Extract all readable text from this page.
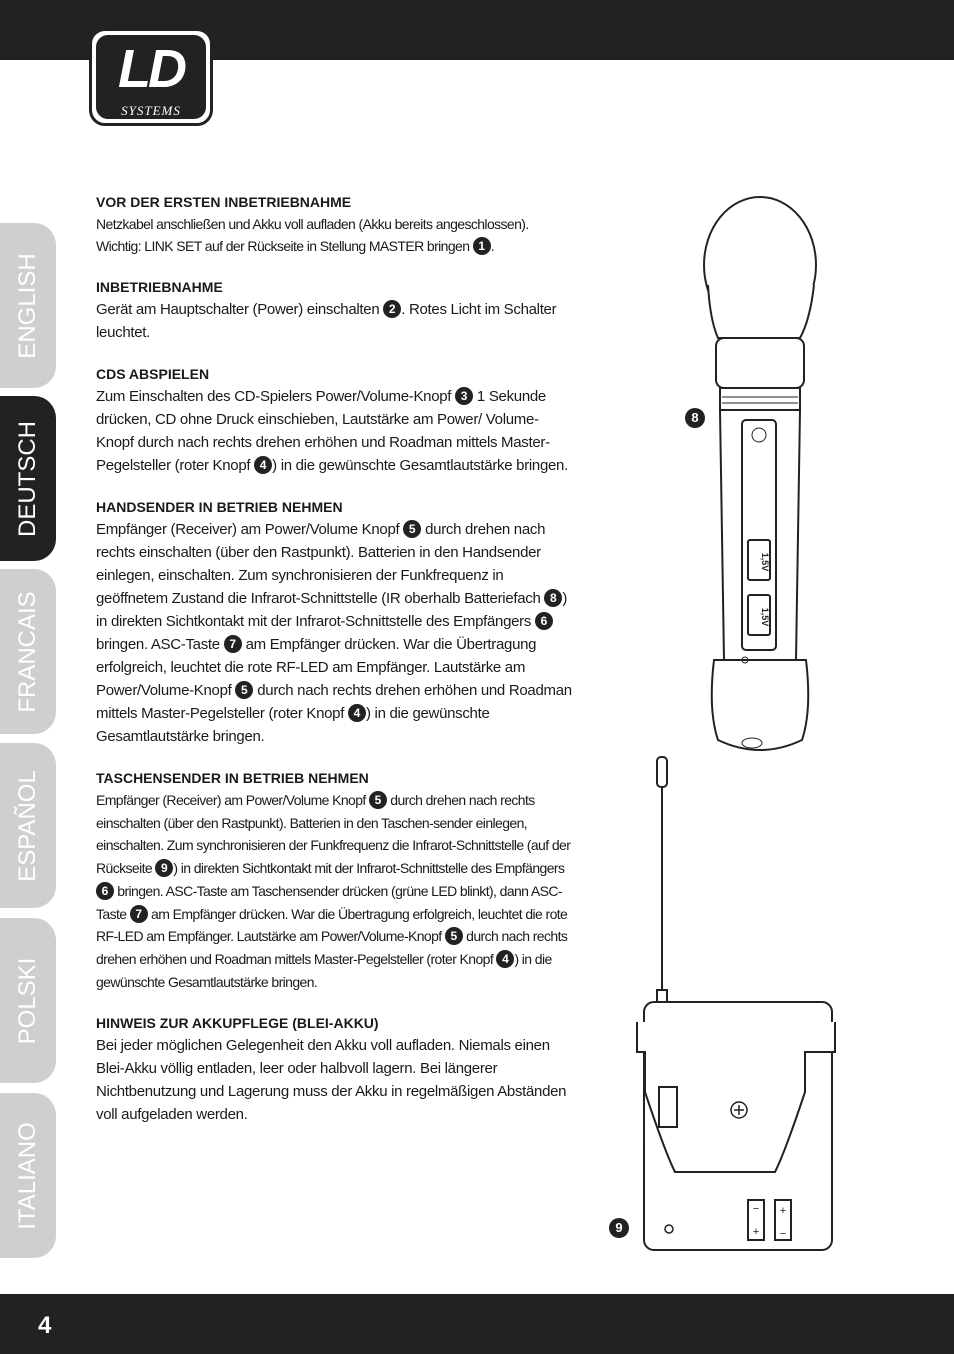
LD
SYSTEMS
ENGLISH
DEUTSCH
FRANCAIS
ESPAÑOL
POLSKI
ITALIANO
VOR DER ERSTEN INBETRIEBNAHME

Netzkabel anschließen und Akku voll aufladen (Akku bereits angeschlossen). Wichtig: LINK SET auf der Rückseite in Stellung MASTER bringen 1 .

INBETRIEBNAHME

Gerät am Hauptschalter (Power) einschalten 2 . Rotes Licht im Schalter leuchtet.

CDS ABSPIELEN

Zum Einschalten des CD-Spielers Power/Volume-Knopf 3 1 Sekunde drücken, CD ohne Druck einschieben, Lautstärke am Power/ Volume-Knopf durch nach rechts drehen erhöhen und Roadman mittels Master-Pegelsteller (roter Knopf 4 ) in die gewünschte Gesamtlautstärke bringen.

HANDSENDER IN BETRIEB NEHMEN

Empfänger (Receiver) am Power/Volume Knopf 5 durch drehen nach rechts einschalten (über den Rastpunkt). Batterien in den Handsender einlegen, einschalten. Zum synchronisieren der Funkfrequenz in geöffnetem Zustand die Infrarot-Schnittstelle (IR oberhalb Batteriefach 8 ) in direkten Sichtkontakt mit der Infrarot-Schnittstelle des Empfängers 6 bringen. ASC-Taste 7 am Empfänger drücken. War die Übertragung erfolgreich, leuchtet die rote RF-LED am Empfänger. Lautstärke am Power/Volume-Knopf 5 durch nach rechts drehen erhöhen und Roadman mittels Master-Pegelsteller (roter Knopf 4 ) in die gewünschte Gesamtlautstärke bringen.

TASCHENSENDER IN BETRIEB NEHMEN

Empfänger (Receiver) am Power/Volume Knopf 5 durch drehen nach rechts einschalten (über den Rastpunkt). Batterien in den Taschen-sender einlegen, einschalten. Zum synchronisieren der Funkfrequenz die Infrarot-Schnittstelle (auf der Rückseite 9 ) in direkten Sichtkontakt mit der Infrarot-Schnittstelle des Empfängers 6 bringen. ASC-Taste am Taschensender drücken (grüne LED blinkt), dann ASC-Taste 7 am Empfänger drücken. War die Übertragung erfolgreich, leuchtet die rote RF-LED am Empfänger. Lautstärke am Power/Volume-Knopf 5 durch nach rechts drehen erhöhen und Roadman mittels Master-Pegelsteller (roter Knopf 4 ) in die gewünschte Gesamtlautstärke bringen.

HINWEIS ZUR AKKUPFLEGE (BLEI-AKKU)

Bei jeder möglichen Gelegenheit den Akku voll aufladen. Niemals einen Blei-Akku völlig entladen, leer oder halbvoll lagern. Bei längerer Nichtbenutzung und Lagerung muss der Akku in regelmäßigen Abständen voll aufgeladen werden.

1,5V
1,5V
8
−
+
+
−
9
4
